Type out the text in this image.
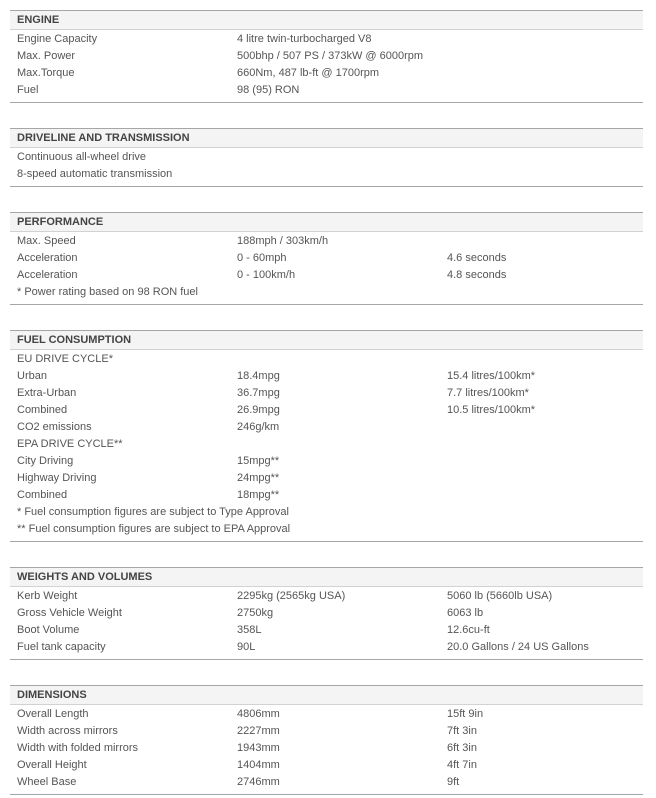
ENGINE
Engine Capacity	4 litre twin-turbocharged V8
Max. Power	500bhp / 507 PS / 373kW @ 6000rpm
Max.Torque	660Nm, 487 lb-ft @ 1700rpm
Fuel	98 (95) RON
DRIVELINE AND TRANSMISSION
Continuous all-wheel drive
8-speed automatic transmission
PERFORMANCE
Max. Speed	188mph / 303km/h
Acceleration	0 - 60mph	4.6 seconds
Acceleration	0 - 100km/h	4.8 seconds
* Power rating based on 98 RON fuel
FUEL CONSUMPTION
EU DRIVE CYCLE*
Urban	18.4mpg	15.4 litres/100km*
Extra-Urban	36.7mpg	7.7 litres/100km*
Combined	26.9mpg	10.5 litres/100km*
CO2 emissions	246g/km
EPA DRIVE CYCLE**
City Driving	15mpg**
Highway Driving	24mpg**
Combined	18mpg**
* Fuel consumption figures are subject to Type Approval
** Fuel consumption figures are subject to EPA Approval
WEIGHTS AND VOLUMES
Kerb Weight	2295kg (2565kg USA)	5060 lb (5660lb USA)
Gross Vehicle Weight	2750kg	6063 lb
Boot Volume	358L	12.6cu-ft
Fuel tank capacity	90L	20.0 Gallons / 24 US Gallons
DIMENSIONS
Overall Length	4806mm	15ft 9in
Width across mirrors	2227mm	7ft 3in
Width with folded mirrors	1943mm	6ft 3in
Overall Height	1404mm	4ft 7in
Wheel Base	2746mm	9ft
